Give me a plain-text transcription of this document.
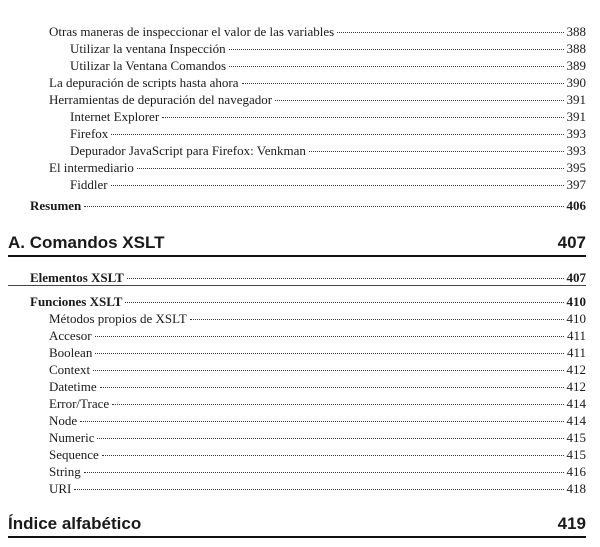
Otras maneras de inspeccionar el valor de las variables	388
Utilizar la ventana Inspección	388
Utilizar la Ventana Comandos	389
La depuración de scripts hasta ahora	390
Herramientas de depuración del navegador	391
Internet Explorer	391
Firefox	393
Depurador JavaScript para Firefox: Venkman	393
El intermediario	395
Fiddler	397
Resumen	406
A. Comandos XSLT	407
Elementos XSLT	407
Funciones XSLT	410
Métodos propios de XSLT	410
Accesor	411
Boolean	411
Context	412
Datetime	412
Error/Trace	414
Node	414
Numeric	415
Sequence	415
String	416
URI	418
Índice alfabético	419
